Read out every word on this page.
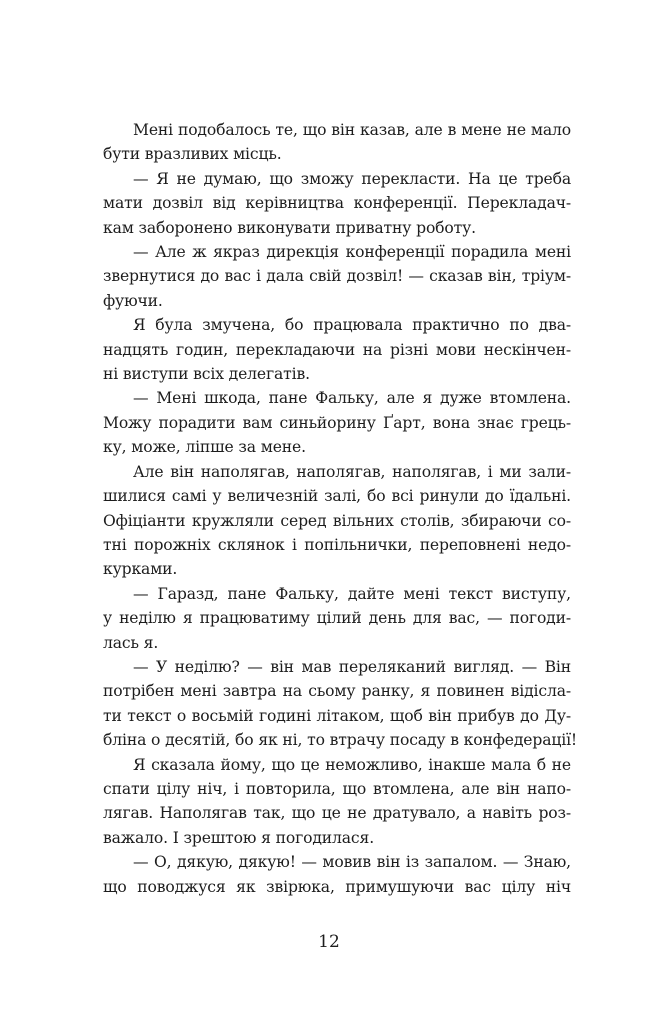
Мені подобалось те, що він казав, але в мене не мало
бути вразливих місць.
— Я не думаю, що зможу перекласти. На це треба
мати дозвіл від керівництва конференції. Перекладач-
кам заборонено виконувати приватну роботу.
— Але ж якраз дирекція конференції порадила мені
звернутися до вас і дала свій дозвіл! — сказав він, тріум-
фуючи.
Я була змучена, бо працювала практично по два-
надцять годин, перекладаючи на різні мови нескінчен-
ні виступи всіх делегатів.
— Мені шкода, пане Фальку, але я дуже втомлена.
Можу порадити вам синьйорину Ґарт, вона знає грець-
ку, може, ліпше за мене.
Але він наполягав, наполягав, наполягав, і ми зали-
шилися самі у величезній залі, бо всі ринули до їдальні.
Офіціанти кружляли серед вільних столів, збираючи со-
тні порожніх склянок і попільнички, переповнені недо-
курками.
— Гаразд, пане Фальку, дайте мені текст виступу,
у неділю я працюватиму цілий день для вас, — погоди-
лась я.
— У неділю? — він мав переляканий вигляд. — Він
потрібен мені завтра на сьому ранку, я повинен відісла-
ти текст о восьмій годині літаком, щоб він прибув до Ду-
бліна о десятій, бо як ні, то втрачу посаду в конфедерації!
Я сказала йому, що це неможливо, інакше мала б не
спати цілу ніч, і повторила, що втомлена, але він напо-
лягав. Наполягав так, що це не дратувало, а навіть роз-
важало. І зрештою я погодилася.
— О, дякую, дякую! — мовив він із запалом. — Знаю,
що поводжуся як звірюка, примушуючи вас цілу ніч
12
